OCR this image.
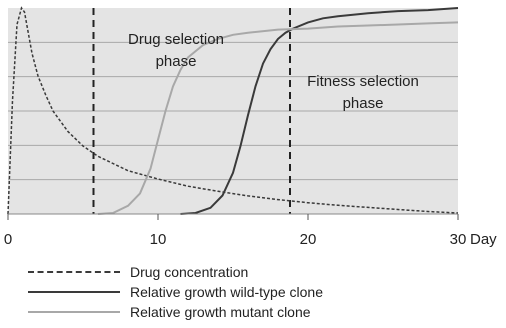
0	10	20	30 Day
Drug selection phase
Fitness selection phase
Drug concentration
Relative growth wild-type clone
Relative growth mutant clone
